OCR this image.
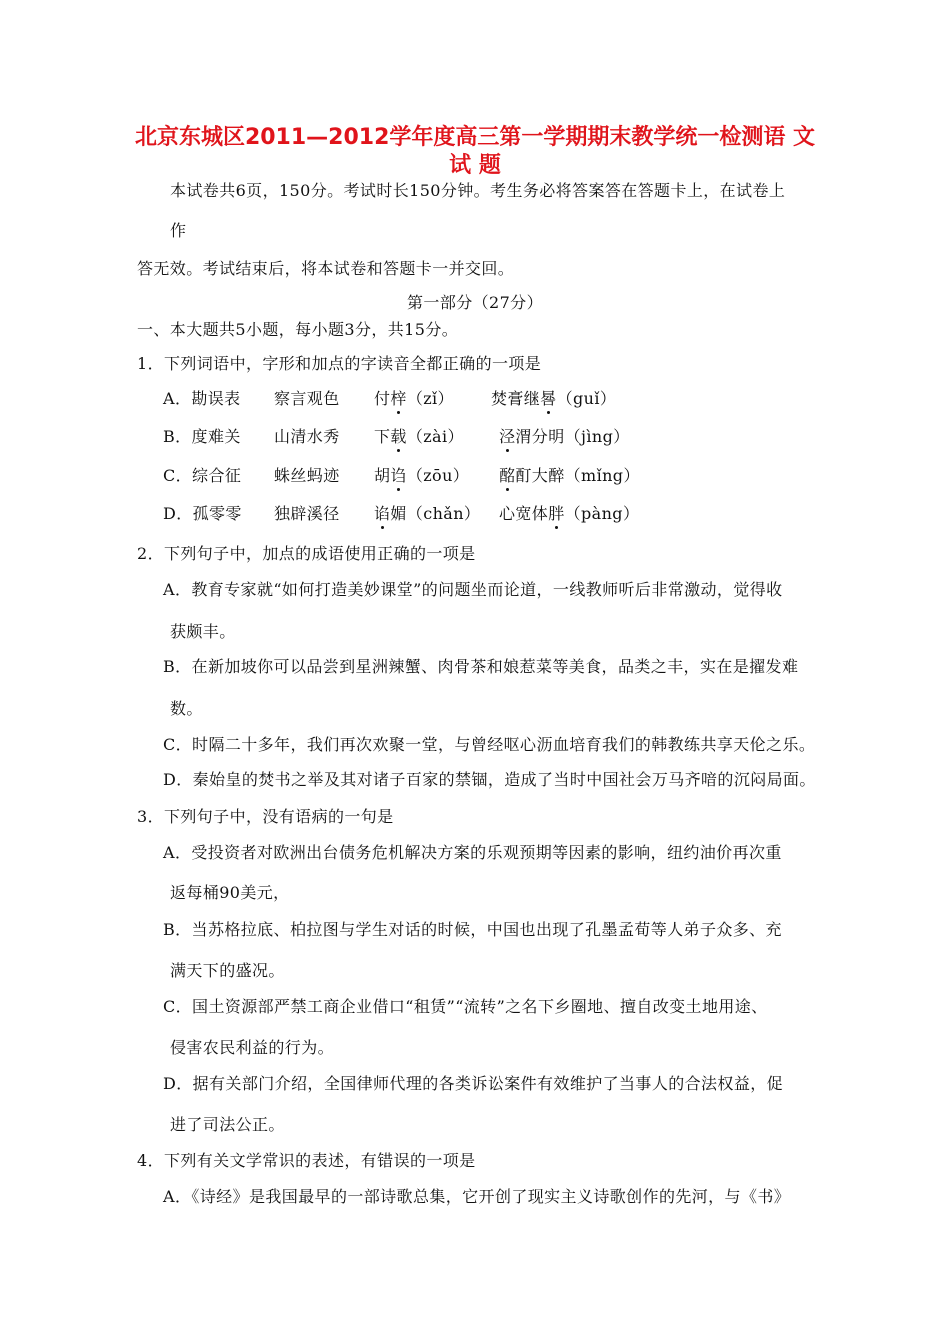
北京东城区2011—2012学年度高三第一学期期末教学统一检测语 文
试 题
本试卷共6页，150分。考试时长150分钟。考生务必将答案答在答题卡上，在试卷上
作
答无效。考试结束后，将本试卷和答题卡一并交回。
第一部分（27分）
一、本大题共5小题，每小题3分，共15分。
1．下列词语中，字形和加点的字读音全都正确的一项是
A．勘误表 察言观色 付梓（zǐ） 焚膏继晷（guǐ）
B．度难关 山清水秀 下载（zài） 泾渭分明（jìng）
C．综合征 蛛丝蚂迹 胡诌（zōu） 酩酊大醉（mǐng）
D．孤零零 独辟溪径 谄媚（chǎn） 心宽体胖（pàng）
2．下列句子中，加点的成语使用正确的一项是
A．教育专家就“如何打造美妙课堂”的问题坐而论道，一线教师听后非常激动，觉得收
获颇丰。
B．在新加坡你可以品尝到星洲辣蟹、肉骨茶和娘惹菜等美食，品类之丰，实在是擢发难
数。
C．时隔二十多年，我们再次欢聚一堂，与曾经呕心沥血培育我们的韩教练共享天伦之乐。
D．秦始皇的焚书之举及其对诸子百家的禁锢，造成了当时中国社会万马齐喑的沉闷局面。
3．下列句子中，没有语病的一句是
A．受投资者对欧洲出台债务危机解决方案的乐观预期等因素的影响，纽约油价再次重
返每桶90美元，
B．当苏格拉底、柏拉图与学生对话的时候，中国也出现了孔墨孟荀等人弟子众多、充
满天下的盛况。
C．国土资源部严禁工商企业借口“租赁”“流转”之名下乡圈地、擅自改变土地用途、
侵害农民利益的行为。
D．据有关部门介绍，全国律师代理的各类诉讼案件有效维护了当事人的合法权益，促
进了司法公正。
4．下列有关文学常识的表述，有错误的一项是
A．《诗经》是我国最早的一部诗歌总集，它开创了现实主义诗歌创作的先河，与《书》
